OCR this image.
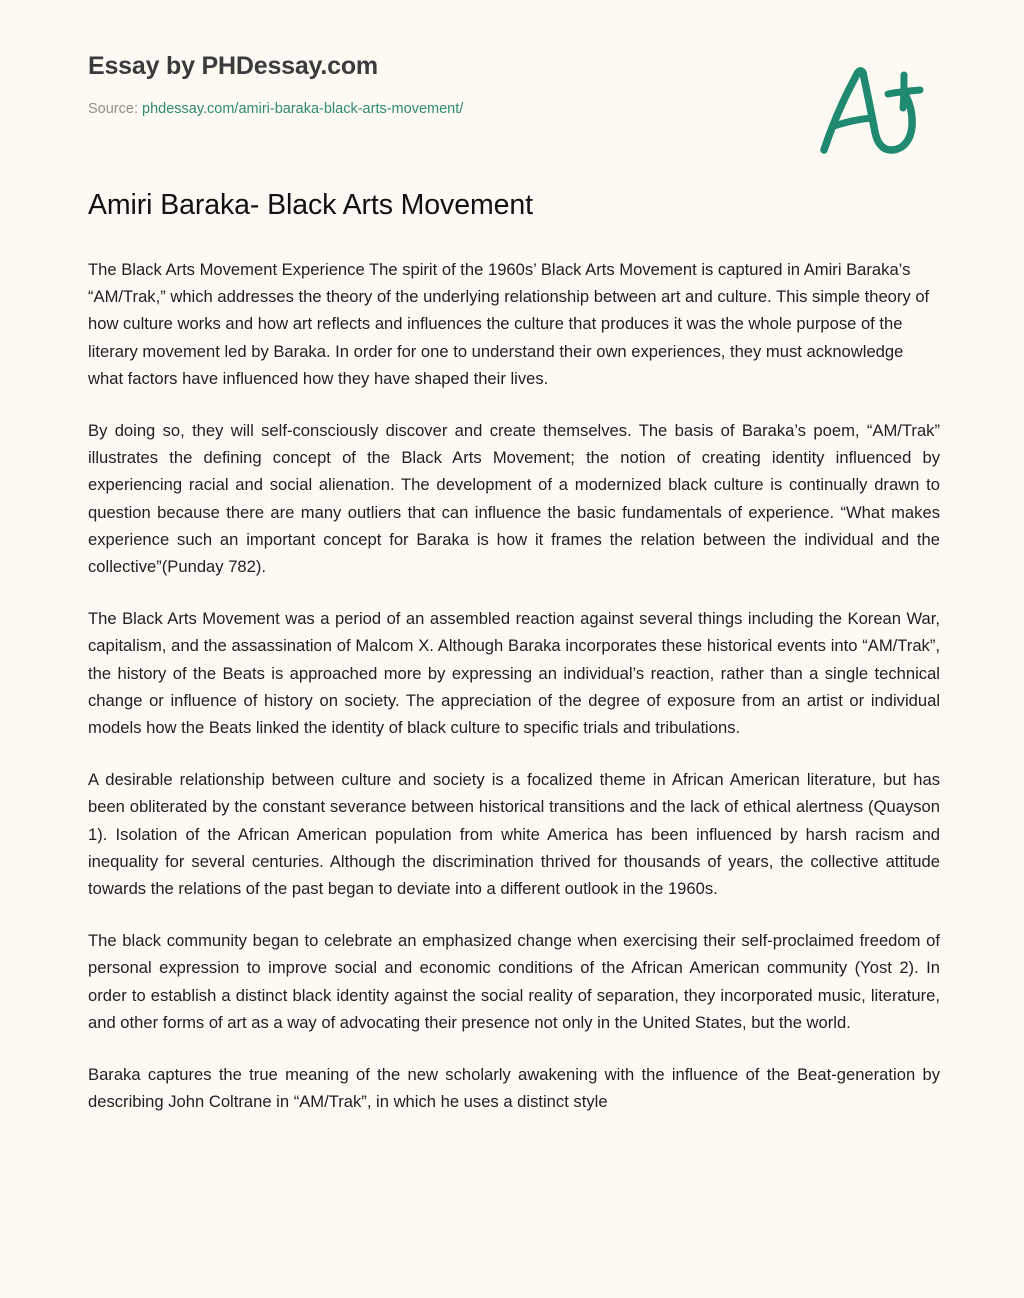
Essay by PHDessay.com
Source: phdessay.com/amiri-baraka-black-arts-movement/
Amiri Baraka- Black Arts Movement

The Black Arts Movement Experience The spirit of the 1960s’ Black Arts Movement is captured in Amiri Baraka’s “AM/Trak,” which addresses the theory of the underlying relationship between art and culture. This simple theory of how culture works and how art reflects and influences the culture that produces it was the whole purpose of the literary movement led by Baraka. In order for one to understand their own experiences, they must acknowledge what factors have influenced how they have shaped their lives.

By doing so, they will self-consciously discover and create themselves. The basis of Baraka’s poem, “AM/Trak” illustrates the defining concept of the Black Arts Movement; the notion of creating identity influenced by experiencing racial and social alienation. The development of a modernized black culture is continually drawn to question because there are many outliers that can influence the basic fundamentals of experience. “What makes experience such an important concept for Baraka is how it frames the relation between the individual and the collective”(Punday 782).

The Black Arts Movement was a period of an assembled reaction against several things including the Korean War, capitalism, and the assassination of Malcom X. Although Baraka incorporates these historical events into “AM/Trak”, the history of the Beats is approached more by expressing an individual’s reaction, rather than a single technical change or influence of history on society. The appreciation of the degree of exposure from an artist or individual models how the Beats linked the identity of black culture to specific trials and tribulations.

A desirable relationship between culture and society is a focalized theme in African American literature, but has been obliterated by the constant severance between historical transitions and the lack of ethical alertness (Quayson 1). Isolation of the African American population from white America has been influenced by harsh racism and inequality for several centuries. Although the discrimination thrived for thousands of years, the collective attitude towards the relations of the past began to deviate into a different outlook in the 1960s.

The black community began to celebrate an emphasized change when exercising their self-proclaimed freedom of personal expression to improve social and economic conditions of the African American community (Yost 2). In order to establish a distinct black identity against the social reality of separation, they incorporated music, literature, and other forms of art as a way of advocating their presence not only in the United States, but the world.

Baraka captures the true meaning of the new scholarly awakening with the influence of the Beat-generation by describing John Coltrane in “AM/Trak”, in which he uses a distinct style
